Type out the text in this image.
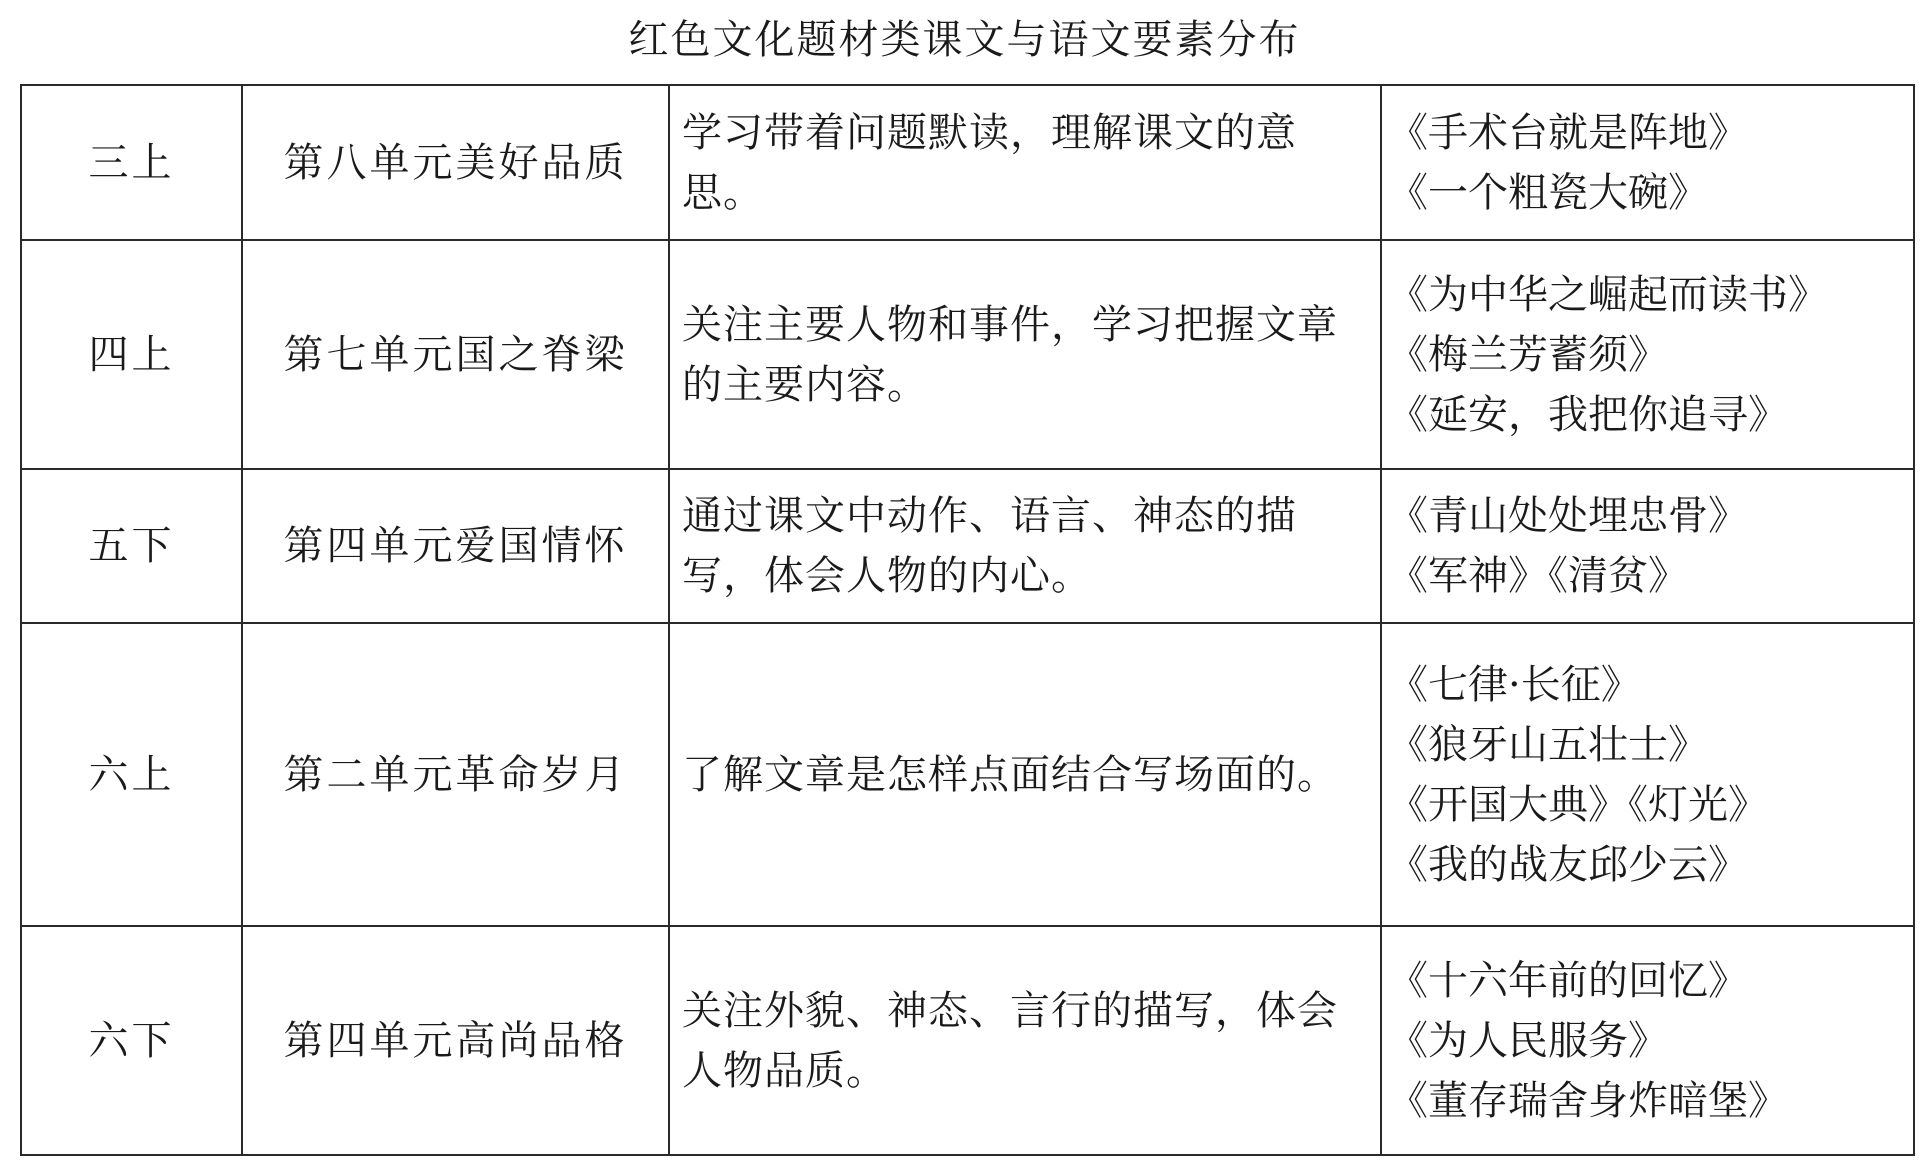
红色文化题材类课文与语文要素分布
三上	第八单元美好品质	学习带着问题默读，理解课文的意思。	《手术台就是阵地》
《一个粗瓷大碗》

四上	第七单元国之脊梁	关注主要人物和事件，学习把握文章的主要内容。	《为中华之崛起而读书》
《梅兰芳蓄须》
《延安，我把你追寻》

五下	第四单元爱国情怀	通过课文中动作、语言、神态的描写，体会人物的内心。	《青山处处埋忠骨》
《军神》《清贫》

六上	第二单元革命岁月	了解文章是怎样点面结合写场面的。	《七律·长征》
《狼牙山五壮士》
《开国大典》《灯光》
《我的战友邱少云》

六下	第四单元高尚品格	关注外貌、神态、言行的描写，体会人物品质。	《十六年前的回忆》
《为人民服务》
《董存瑞舍身炸暗堡》
